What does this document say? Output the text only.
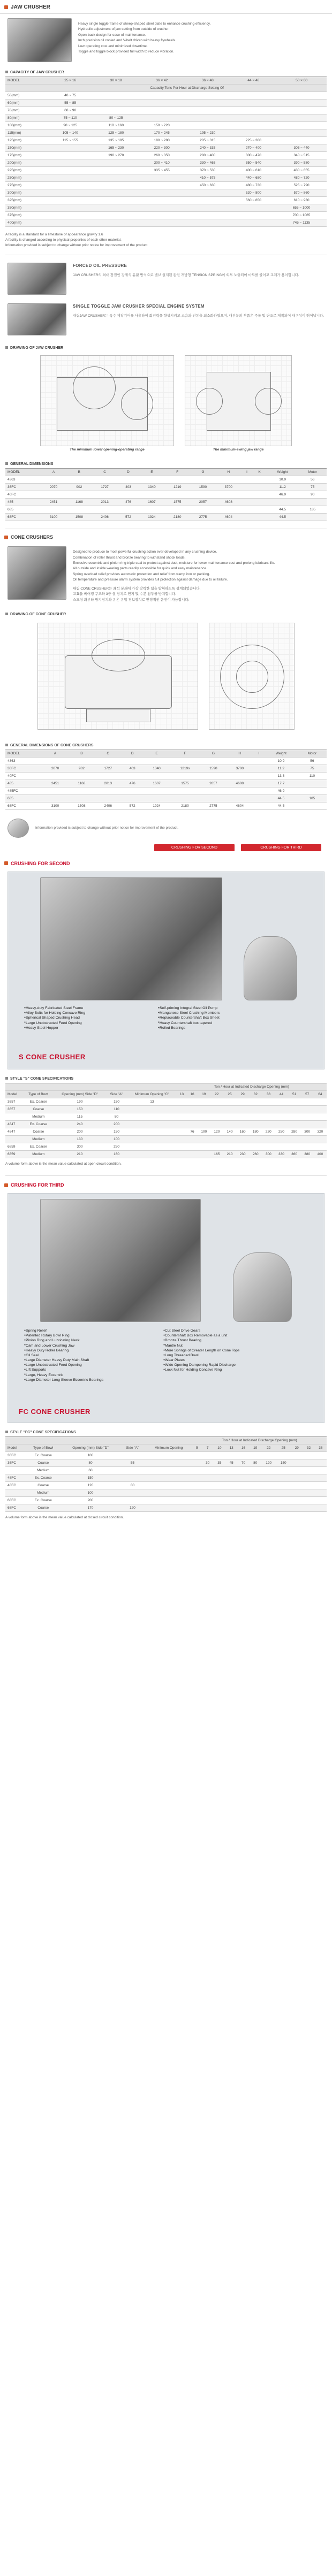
JAW CRUSHER

Heavy single toggle frame of sheep-shaped steel plate to enhance crushing efficiency.

Hydraulic adjustment of jaw setting from outside of crusher.

Open-back design for ease of maintenance.

Inch precision oil cooled and V-belt driven with heavy flywheels.

Low operating cost and minimized downtime.

Toggle and toggle block provided full width to reduce vibration.

CAPACITY OF JAW CRUSHER
MODEL	25 × 16	30 × 18	36 × 42	36 × 48	44 × 48	50 × 60
	Capacity Tons Per Hour at Discharge Setting Of					
50(mm)	40 ~ 75					
60(mm)	55 ~ 85					
70(mm)	60 ~ 90					
80(mm)	75 ~ 110	80 ~ 125				
100(mm)	90 ~ 125	110 ~ 160	150 ~ 220			
115(mm)	105 ~ 140	125 ~ 180	170 ~ 245	195 ~ 230		
125(mm)	115 ~ 155	135 ~ 195	180 ~ 280	205 ~ 315	225 ~ 360	
150(mm)		165 ~ 230	220 ~ 300	240 ~ 335	270 ~ 400	305 ~ 440
175(mm)		190 ~ 270	260 ~ 350	280 ~ 400	300 ~ 470	340 ~ 515
200(mm)			300 ~ 410	330 ~ 465	350 ~ 540	390 ~ 580
225(mm)			335 ~ 455	370 ~ 530	400 ~ 610	430 ~ 655
250(mm)				410 ~ 575	440 ~ 680	480 ~ 720
275(mm)				450 ~ 630	480 ~ 730	525 ~ 790
300(mm)					520 ~ 800	570 ~ 860
325(mm)					560 ~ 850	610 ~ 930
350(mm)						655 ~ 1000
375(mm)						700 ~ 1065
400(mm)						745 ~ 1135
A facility is a standard for a limestone of appearance gravity 1.6
A facility is changed according to physical properties of each other material.
Information provided is subject to change without prior notice for improvement of the product
FORCED OIL PRESSURE
JAW CRUSHER의 최대 장점인 강제식 윤활 방식으로 밸브 설계된 완전 개방형 TENSION SPRING이 외부 노출되어 마모를 줄이고 교체가 용이합니다.
SINGLE TOGGLE JAW CRUSHER SPECIAL ENGINE SYSTEM
대림JAW CRUSHER는 특수 제작기어를 사용하여 회전력을 향상시키고 소음과 진동을 최소화하였으며, 대부분의 부품은 주물 및 단조로 제작되어 내구성이 뛰어납니다.
DRAWING OF JAW CRUSHER
The minimum·lower opening·operating range	The minimum·swing jaw range
GENERAL DIMENSIONS
MODEL	A	B	C	D	E	F	G	H	I	K	Weight	Motor
4363											10.9	56
36FC	2070	902	1727	403	1340	1219	1590	3700			11.2	75
40FC											46.9	90
485	2451	1168	2013	476	1607	1575	2057	4608				
685											44.5	185
68FC	3100	1508	2406	572	1924	2180	2775	4604			44.5	
CONE CRUSHERS

Designed to produce to most powerful crushing action ever developed in any crushing device.

Combination of roller thrust and bronze bearing to withstand shock loads.

Exclusive eccentric and pinion ring triple seal to protect against dust, moisture for lower maintenance cost and prolong lubricant life.

All outside and inside wearing parts readily accessible for quick and easy maintenance.

Spring overload relief provides automatic protection and relief from tramp iron or packing.

Oil temperature and pressure alarm system provides full protection against damage due to oil failure.

대림 CONE CRUSHER는 쇄석 분쇄에 가장 강력한 힘을 발휘하도록 설계되었습니다.

고효율 베어링 구조와 3중 씰 장치로 먼지 및 수분 침투를 방지합니다.

스프링 과부하 방지장치와 유온·유압 경보장치로 안정적인 운전이 가능합니다.

DRAWING OF CONE CRUSHER
GENERAL DIMENSIONS OF CONE CRUSHERS
MODEL	A	B	C	D	E	F	G	H	I	Weight	Motor
4363										10.9	56
36FC	2070	902	1727	403	1340	1219s	1590	3700		11.2	75
40FC										13.3	110
485	2451	1168	2013	476	1607	1575	2057	4608		17.7	
485FC										46.9	
685										44.5	185
68FC	3100	1508	2406	572	1924	2180	2775	4604		44.5	
Information provided is subject to change without prior notice for improvement of the product.
CRUSHING FOR SECOND	CRUSHING FOR THIRD
CRUSHING FOR SECOND
● Heavy-duty Fabricated Steel Frame
● Alloy Bolts for Holding Concave Ring
● Spherical Shaped Crushing Head
● Large Unobstructed Feed Opening
● Heavy Steel Hopper
● Self-priming Integral Steel Oil Pump
● Manganese Steel Crushing Members
● Replaceable Countershaft Box Sheet
● Heavy Countershaft box tapered
● Rolled Bearings
S CONE CRUSHER
STYLE "S" CONE SPECIFICATIONS
					Ton / Hour at Indicated Discharge Opening (mm)											
Model	Type of Bowl	Opening (mm) Side "D"	Side "A"	Minimum Opening "C"	13	16	19	22	25	29	32	38	44	51	57	64
3657	Ex. Coarse	190	150	13												
3657	Coarse	150	110													
	Medium	115	80													
4847	Ex. Coarse	240	200													
4847	Coarse	200	150			76	100	120	140	160	180	220	250	280	300	320
	Medium	130	100													
6859	Ex. Coarse	300	250													
6859	Medium	210	160					165	210	230	260	300	330	360	380	400
A volume form above is the mean value calculated at open circuit condition.
CRUSHING FOR THIRD
● Spring Relief
● Patented Rotary Bowl Ring
● Pinion Ring and Lubricating Neck
● Cam and Lower Crushing Jaw
● Heavy Duty Roller Bearing
● Oil Seal
● Large Diameter Heavy Duty Main Shaft
● Large Unobstructed Feed Opening
● Lift Supports
● Large, Heavy Eccentric
● Large Diameter Long Sleeve Eccentric Bearings
● Cut Steel Drive Gears
● Countershaft Box Removable as a unit
● Bronze Thrust Bearing
● Mantle Nut
● More Springs of Greater Length on Cone Tops
● Long Threaded Bowl
● Wear Plates
● Wide Opening Dampening Rapid Discharge
● Lock Nut for Holding Concave Ring
FC CONE CRUSHER
STYLE "FC" CONE SPECIFICATIONS
					Ton / Hour at Indicated Discharge Opening (mm)										
Model	Type of Bowl	Opening (mm) Side "D"	Side "A"	Minimum Opening	5	7	10	13	16	19	22	25	29	32	38
36FC	Ex. Coarse	100													
36FC	Coarse	80	55			30	35	45	70	80	120	150			
	Medium	60													
48FC	Ex. Coarse	150													
48FC	Coarse	120	80												
	Medium	100													
68FC	Ex. Coarse	200													
68FC	Coarse	170	120												
A volume form above is the mean value calculated at closed circuit condition.
